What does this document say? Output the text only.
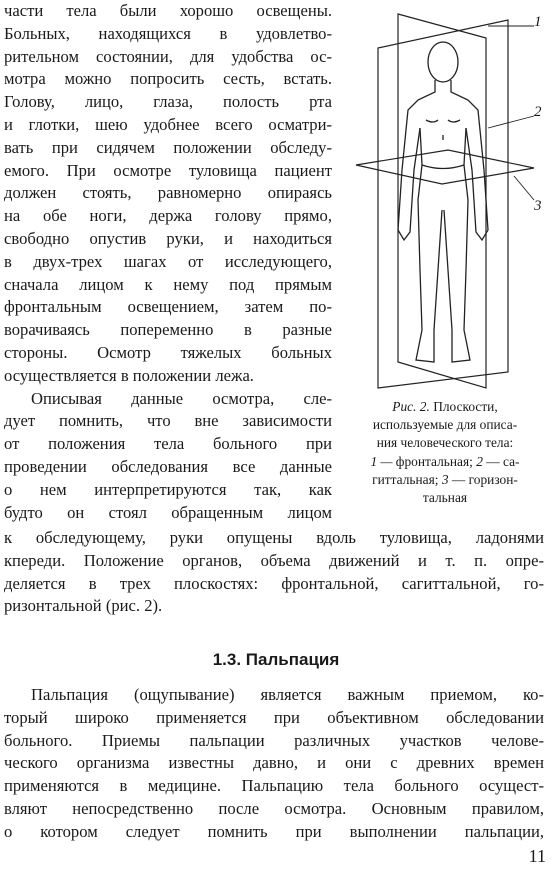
части тела были хорошо освещены.
Больных, находящихся в удовлетво-
рительном состоянии, для удобства ос-
мотра можно попросить сесть, встать.
Голову, лицо, глаза, полость рта
и глотки, шею удобнее всего осматри-
вать при сидячем положении обследу-
емого. При осмотре туловища пациент
должен стоять, равномерно опираясь
на обе ноги, держа голову прямо,
свободно опустив руки, и находиться
в двух-трех шагах от исследующего,
сначала лицом к нему под прямым
фронтальным освещением, затем по-
ворачиваясь попеременно в разные
стороны. Осмотр тяжелых больных
осуществляется в положении лежа.
Описывая данные осмотра, сле-
дует помнить, что вне зависимости
от положения тела больного при
проведении обследования все данные
о нем интерпретируются так, как
будто он стоял обращенным лицом
1
2
3
Рис. 2. Плоскости,
используемые для описа-
ния человеческого тела:
1 — фронтальная; 2 — са-
гиттальная; 3 — горизон-
тальная
к обследующему, руки опущены вдоль туловища, ладонями
кпереди. Положение органов, объема движений и т. п. опре-
деляется в трех плоскостях: фронтальной, сагиттальной, го-
ризонтальной (рис. 2).
1.3. Пальпация
Пальпация (ощупывание) является важным приемом, ко-
торый широко применяется при объективном обследовании
больного. Приемы пальпации различных участков челове-
ческого организма известны давно, и они с древних времен
применяются в медицине. Пальпацию тела больного осущест-
вляют непосредственно после осмотра. Основным правилом,
о котором следует помнить при выполнении пальпации,
11
